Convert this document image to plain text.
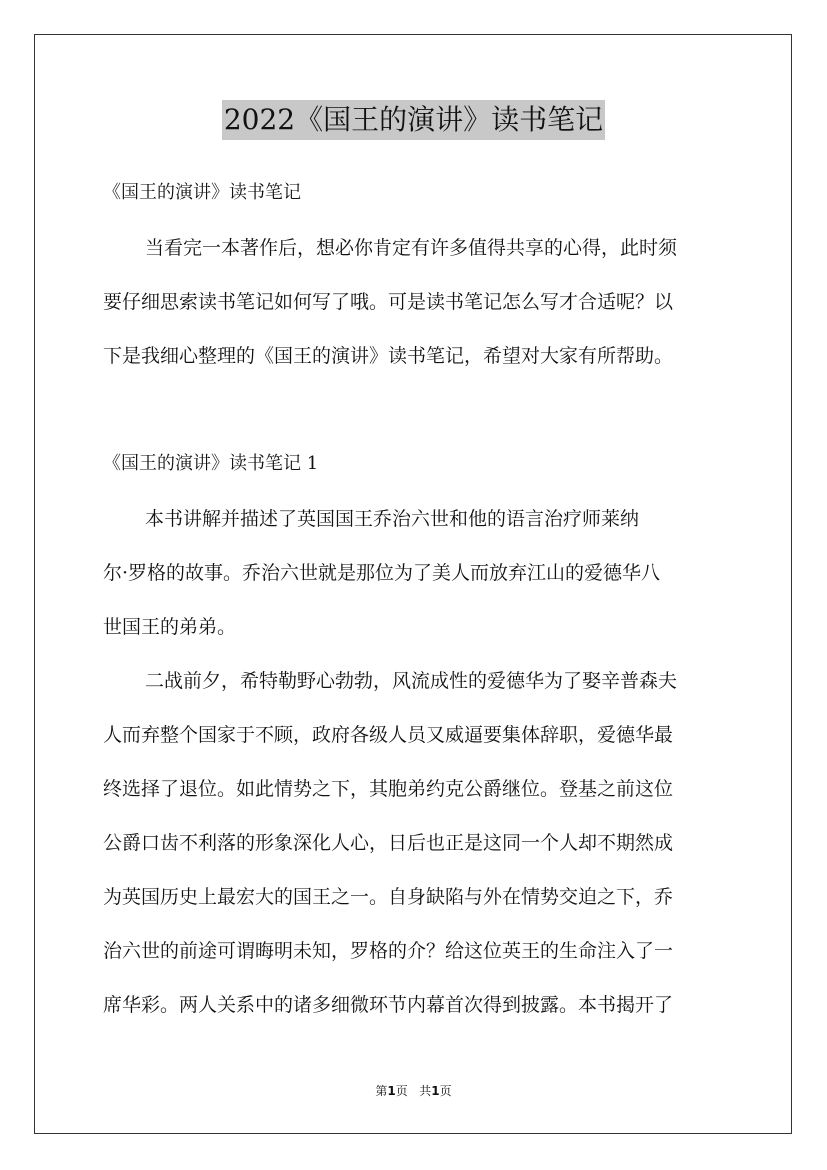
2022《国王的演讲》读书笔记
《国王的演讲》读书笔记
当看完一本著作后，想必你肯定有许多值得共享的心得，此时须
要仔细思索读书笔记如何写了哦。可是读书笔记怎么写才合适呢？以
下是我细心整理的《国王的演讲》读书笔记，希望对大家有所帮助。
《国王的演讲》读书笔记 1
本书讲解并描述了英国国王乔治六世和他的语言治疗师莱纳
尔·罗格的故事。乔治六世就是那位为了美人而放弃江山的爱德华八
世国王的弟弟。
二战前夕，希特勒野心勃勃，风流成性的爱德华为了娶辛普森夫
人而弃整个国家于不顾，政府各级人员又威逼要集体辞职，爱德华最
终选择了退位。如此情势之下，其胞弟约克公爵继位。登基之前这位
公爵口齿不利落的形象深化人心，日后也正是这同一个人却不期然成
为英国历史上最宏大的国王之一。自身缺陷与外在情势交迫之下，乔
治六世的前途可谓晦明未知，罗格的介？给这位英王的生命注入了一
席华彩。两人关系中的诸多细微环节内幕首次得到披露。本书揭开了
第1页 共1页
